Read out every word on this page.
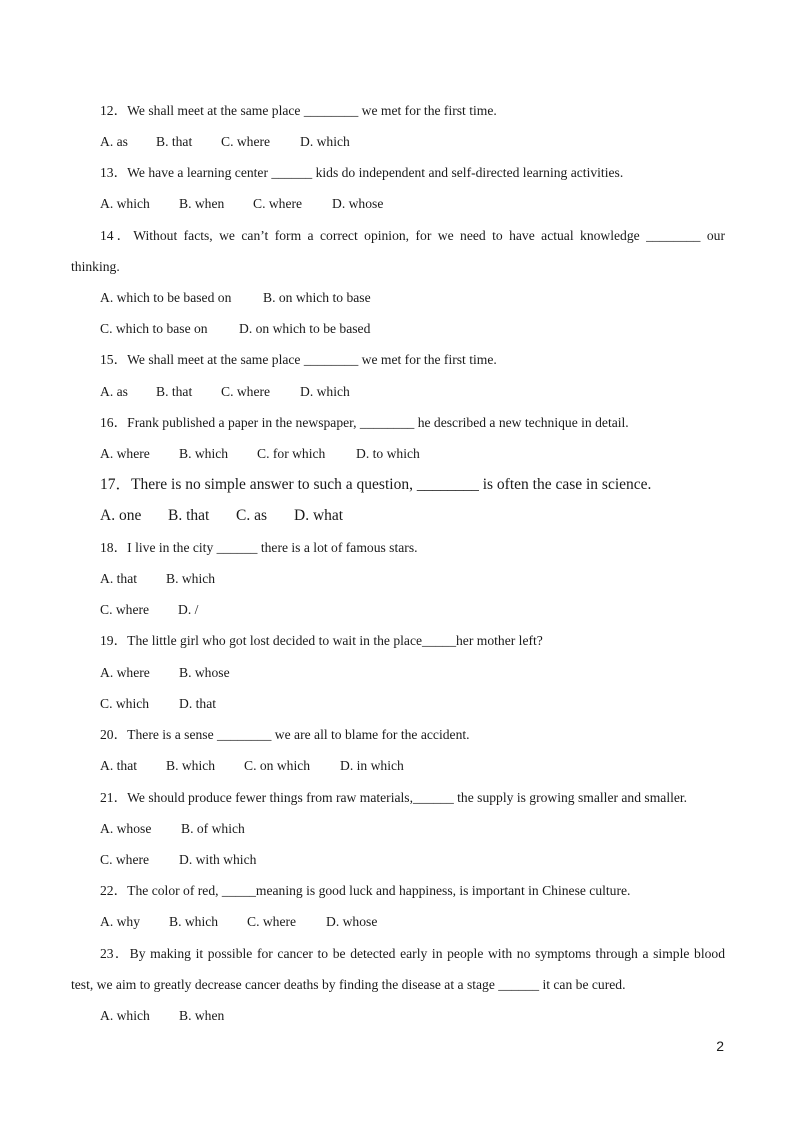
12．We shall meet at the same place ________ we met for the first time.
A. as B. that C. where D. which
13．We have a learning center ______ kids do independent and self-directed learning activities.
A. which B. when C. where D. whose
14．Without facts, we can’t form a correct opinion, for we need to have actual knowledge ________ our
thinking.
A. which to be based on B. on which to base
C. which to base on D. on which to be based
15．We shall meet at the same place ________ we met for the first time.
A. as B. that C. where D. which
16．Frank published a paper in the newspaper, ________ he described a new technique in detail.
A. where B. which C. for which D. to which
17．There is no simple answer to such a question, ________ is often the case in science.
A. one B. that C. as D. what
18．I live in the city ______ there is a lot of famous stars.
A. that B. which
C. where D. /
19．The little girl who got lost decided to wait in the place_____her mother left?
A. where B. whose
C. which D. that
20．There is a sense ________ we are all to blame for the accident.
A. that B. which C. on which D. in which
21．We should produce fewer things from raw materials,______ the supply is growing smaller and smaller.
A. whose B. of which
C. where D. with which
22．The color of red, _____meaning is good luck and happiness, is important in Chinese culture.
A. why B. which C. where D. whose
23．By making it possible for cancer to be detected early in people with no symptoms through a simple blood
test, we aim to greatly decrease cancer deaths by finding the disease at a stage ______ it can be cured.
A. which B. when
2
